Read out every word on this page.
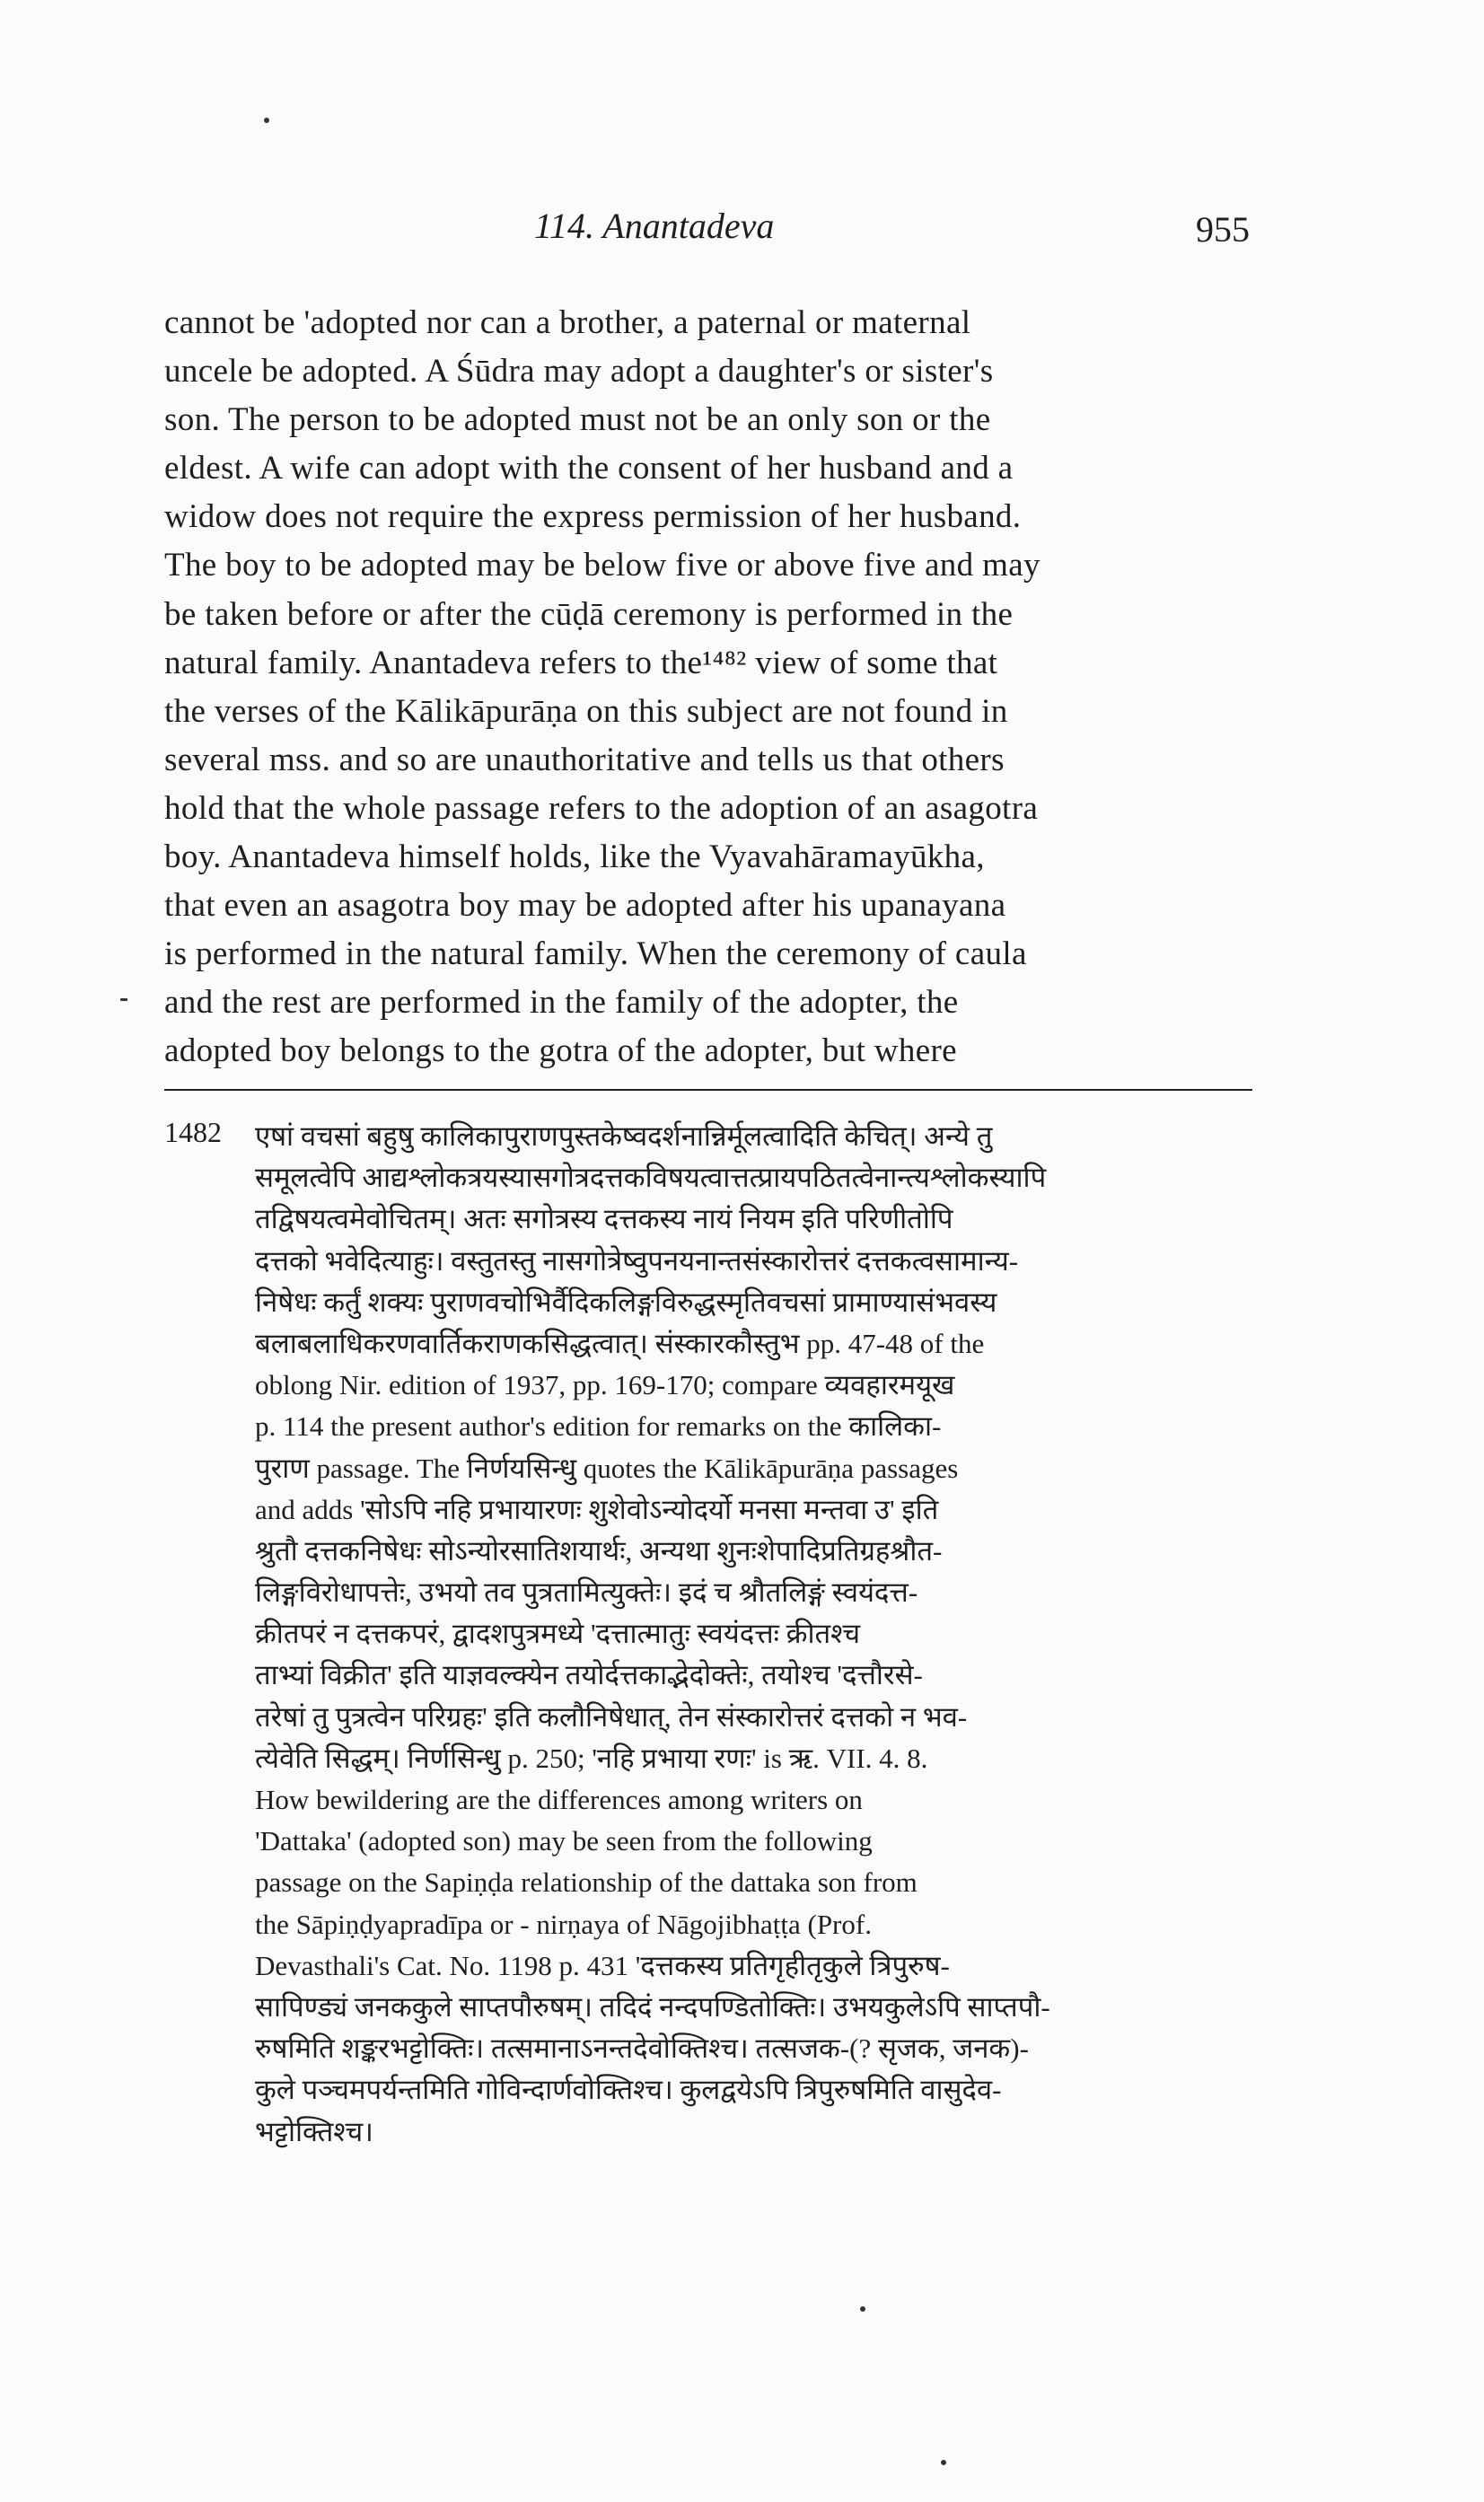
114. Anantadeva	955
cannot be 'adopted nor can a brother, a paternal or maternal
uncele be adopted. A Śūdra may adopt a daughter's or sister's
son. The person to be adopted must not be an only son or the
eldest. A wife can adopt with the consent of her husband and a
widow does not require the express permission of her husband.
The boy to be adopted may be below five or above five and may
be taken before or after the cūḍā ceremony is performed in the
natural family. Anantadeva refers to the¹⁴⁸² view of some that
the verses of the Kālikāpurāṇa on this subject are not found in
several mss. and so are unauthoritative and tells us that others
hold that the whole passage refers to the adoption of an asagotra
boy. Anantadeva himself holds, like the Vyavahāramayūkha,
that even an asagotra boy may be adopted after his upanayana
is performed in the natural family. When the ceremony of caula
and the rest are performed in the family of the adopter, the
adopted boy belongs to the gotra of the adopter, but where
1482 एषां वचसां बहुषु कालिकापुराणपुस्तकेष्वदर्शनान्निर्मूलत्वादिति केचित्। अन्ये तु
समूलत्वेपि आद्यश्लोकत्रयस्यासगोत्रदत्तकविषयत्वात्तत्प्रायपठितत्वेनान्त्यश्लोकस्यापि
तद्विषयत्वमेवोचितम्। अतः सगोत्रस्य दत्तकस्य नायं नियम इति परिणीतोपि
दत्तको भवेदित्याहुः। वस्तुतस्तु नासगोत्रेष्वुपनयनान्तसंस्कारोत्तरं दत्तकत्वसामान्य-
निषेधः कर्तुं शक्यः पुराणवचोभिर्वैदिकलिङ्गविरुद्धस्मृतिवचसां प्रामाण्यासंभवस्य
बलाबलाधिकरणवार्तिकराणकसिद्धत्वात्। संस्कारकौस्तुभ pp. 47-48 of the
oblong Nir. edition of 1937, pp. 169-170; compare व्यवहारमयूख
p. 114 the present author's edition for remarks on the कालिका-
पुराण passage. The निर्णयसिन्धु quotes the Kālikāpurāṇa passages
and adds 'सोऽपि नहि प्रभायारणः शुशेवोऽन्योदर्यो मनसा मन्तवा उ' इति
श्रुतौ दत्तकनिषेधः सोऽन्योरसातिशयार्थः, अन्यथा शुनःशेपादिप्रतिग्रहश्रौत-
लिङ्गविरोधापत्तेः, उभयो तव पुत्रतामित्युक्तेः। इदं च श्रौतलिङ्गं स्वयंदत्त-
क्रीतपरं न दत्तकपरं, द्वादशपुत्रमध्ये 'दत्तात्मातुः स्वयंदत्तः क्रीतश्च
ताभ्यां विक्रीत' इति याज्ञवल्क्येन तयोर्दत्तकाद्भेदोक्तेः, तयोश्च 'दत्तौरसे-
तरेषां तु पुत्रत्वेन परिग्रहः' इति कलौनिषेधात्, तेन संस्कारोत्तरं दत्तको न भव-
त्येवेति सिद्धम्। निर्णसिन्धु p. 250; 'नहि प्रभाया रणः' is ऋ. VII. 4. 8.
How bewildering are the differences among writers on
'Dattaka' (adopted son) may be seen from the following
passage on the Sapiṇḍa relationship of the dattaka son from
the Sāpiṇḍyapradīpa or - nirṇaya of Nāgojibhaṭṭa (Prof.
Devasthali's Cat. No. 1198 p. 431 'दत्तकस्य प्रतिगृहीतृकुले त्रिपुरुष-
सापिण्ड्यं जनककुले साप्तपौरुषम्। तदिदं नन्दपण्डितोक्तिः। उभयकुलेऽपि साप्तपौ-
रुषमिति शङ्करभट्टोक्तिः। तत्समानाऽनन्तदेवोक्तिश्च। तत्सजक-(? सृजक, जनक)-
कुले पञ्चमपर्यन्तमिति गोविन्दार्णवोक्तिश्च। कुलद्वयेऽपि त्रिपुरुषमिति वासुदेव-
भट्टोक्तिश्च।
